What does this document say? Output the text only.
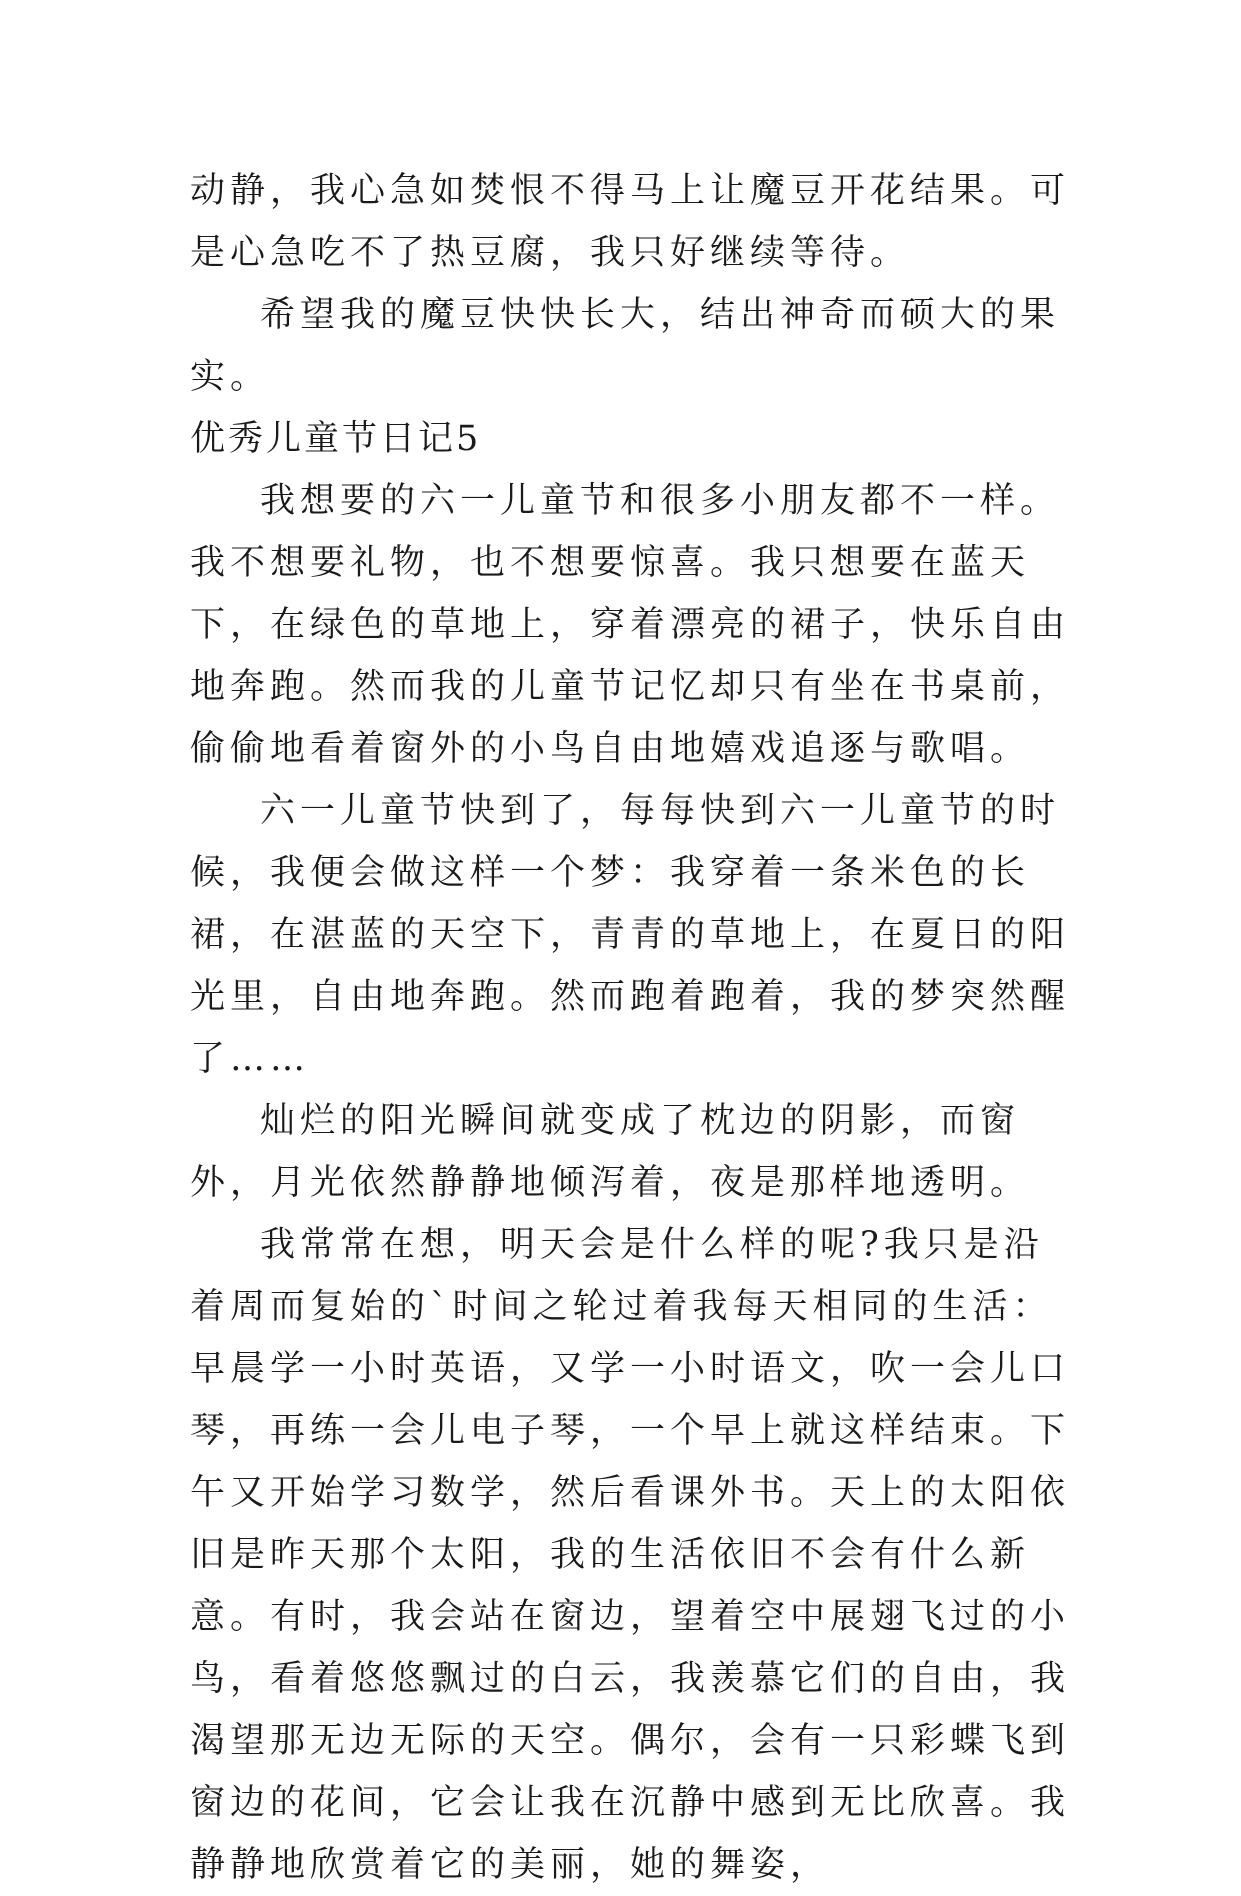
动静，我心急如焚恨不得马上让魔豆开花结果。可是心急吃不了热豆腐，我只好继续等待。

希望我的魔豆快快长大，结出神奇而硕大的果实。

优秀儿童节日记5

我想要的六一儿童节和很多小朋友都不一样。我不想要礼物，也不想要惊喜。我只想要在蓝天下，在绿色的草地上，穿着漂亮的裙子，快乐自由地奔跑。然而我的儿童节记忆却只有坐在书桌前，偷偷地看着窗外的小鸟自由地嬉戏追逐与歌唱。

六一儿童节快到了，每每快到六一儿童节的时候，我便会做这样一个梦：我穿着一条米色的长裙，在湛蓝的天空下，青青的草地上，在夏日的阳光里，自由地奔跑。然而跑着跑着，我的梦突然醒了……

灿烂的阳光瞬间就变成了枕边的阴影，而窗外，月光依然静静地倾泻着，夜是那样地透明。

我常常在想，明天会是什么样的呢?我只是沿着周而复始的`时间之轮过着我每天相同的生活：早晨学一小时英语，又学一小时语文，吹一会儿口琴，再练一会儿电子琴，一个早上就这样结束。下午又开始学习数学，然后看课外书。天上的太阳依旧是昨天那个太阳，我的生活依旧不会有什么新意。有时，我会站在窗边，望着空中展翅飞过的小鸟，看着悠悠飘过的白云，我羡慕它们的自由，我渴望那无边无际的天空。偶尔，会有一只彩蝶飞到窗边的花间，它会让我在沉静中感到无比欣喜。我静静地欣赏着它的美丽，她的舞姿，
